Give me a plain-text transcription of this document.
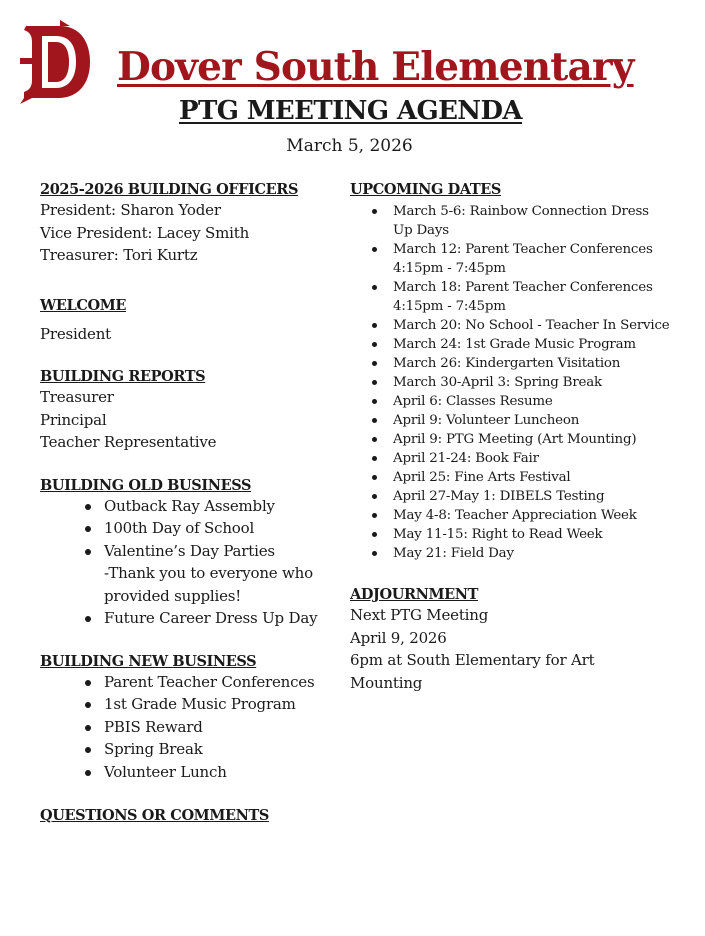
Dover South Elementary
PTG MEETING AGENDA
March 5, 2026
2025-2026 BUILDING OFFICERS
President: Sharon Yoder
Vice President: Lacey Smith
Treasurer: Tori Kurtz
WELCOME
President
BUILDING REPORTS
Treasurer
Principal
Teacher Representative
BUILDING OLD BUSINESS
Outback Ray Assembly
100th Day of School
Valentine’s Day Parties
-Thank you to everyone who provided supplies!
Future Career Dress Up Day
BUILDING NEW BUSINESS
Parent Teacher Conferences
1st Grade Music Program
PBIS Reward
Spring Break
Volunteer Lunch
QUESTIONS OR COMMENTS
UPCOMING DATES
March 5-6: Rainbow Connection Dress Up Days
March 12: Parent Teacher Conferences 4:15pm - 7:45pm
March 18: Parent Teacher Conferences 4:15pm - 7:45pm
March 20: No School - Teacher In Service
March 24: 1st Grade Music Program
March 26: Kindergarten Visitation
March 30-April 3: Spring Break
April 6: Classes Resume
April 9: Volunteer Luncheon
April 9: PTG Meeting (Art Mounting)
April 21-24: Book Fair
April 25: Fine Arts Festival
April 27-May 1: DIBELS Testing
May 4-8: Teacher Appreciation Week
May 11-15: Right to Read Week
May 21: Field Day
ADJOURNMENT
Next PTG Meeting
April 9, 2026
6pm at South Elementary for Art
Mounting
